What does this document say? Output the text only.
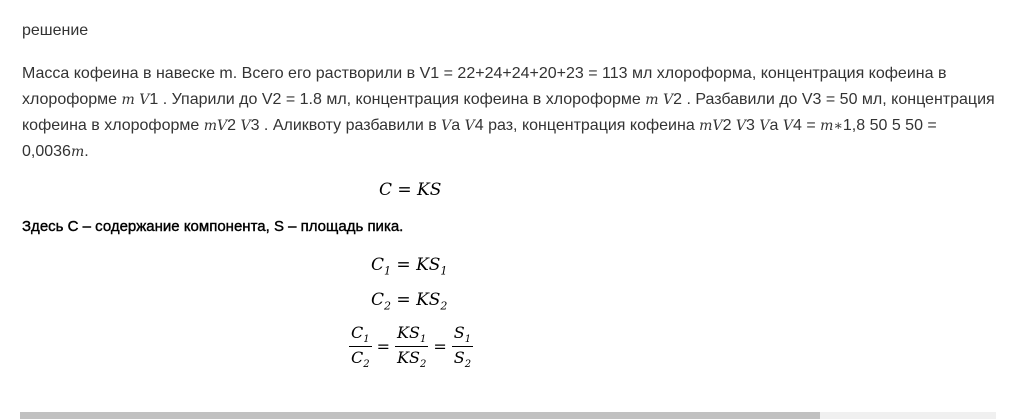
решение
Масса кофеина в навеске m. Всего его растворили в V1 = 22+24+24+20+23 = 113 мл хлороформа, концентрация кофеина в хлороформе m V1 . Упарили до V2 = 1.8 мл, концентрация кофеина в хлороформе m V2 . Разбавили до V3 = 50 мл, концентрация кофеина в хлороформе mV2 V3 . Аликвоту разбавили в Va V4 раз, концентрация кофеина mV2 V3 Va V4 = m∗1,8 50 5 50 = 0,0036m.
C = KS
Здесь C – содержание компонента, S – площадь пика.
$C_1 = KS_1$
$C_2 = KS_2$
$\frac{C_1}{C_2} = \frac{KS_1}{KS_2} = \frac{S_1}{S_2}$
